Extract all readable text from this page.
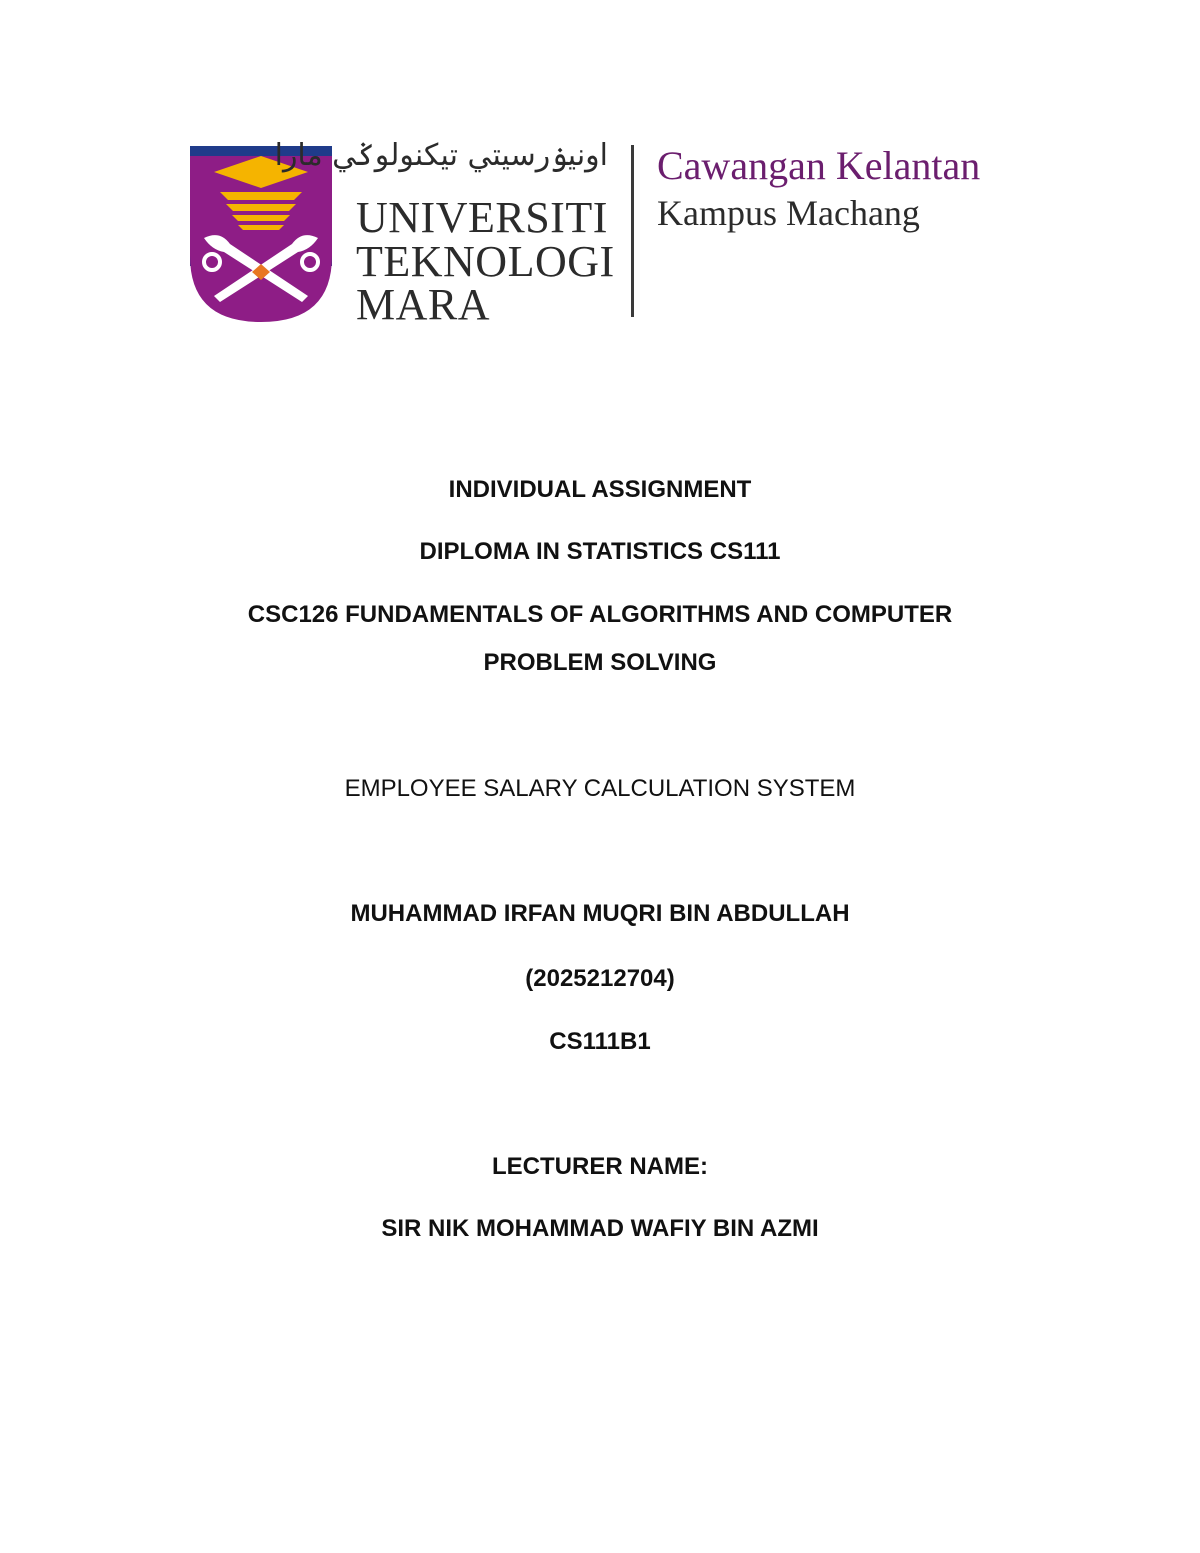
اونيۏرسيتي تيكنولوݢي مارا
UNIVERSITI
TEKNOLOGI
MARA
Cawangan Kelantan
Kampus Machang
INDIVIDUAL ASSIGNMENT
DIPLOMA IN STATISTICS CS111
CSC126 FUNDAMENTALS OF ALGORITHMS AND COMPUTER
PROBLEM SOLVING
EMPLOYEE SALARY CALCULATION SYSTEM
MUHAMMAD IRFAN MUQRI BIN ABDULLAH
(2025212704)
CS111B1
LECTURER NAME:
SIR NIK MOHAMMAD WAFIY BIN AZMI
